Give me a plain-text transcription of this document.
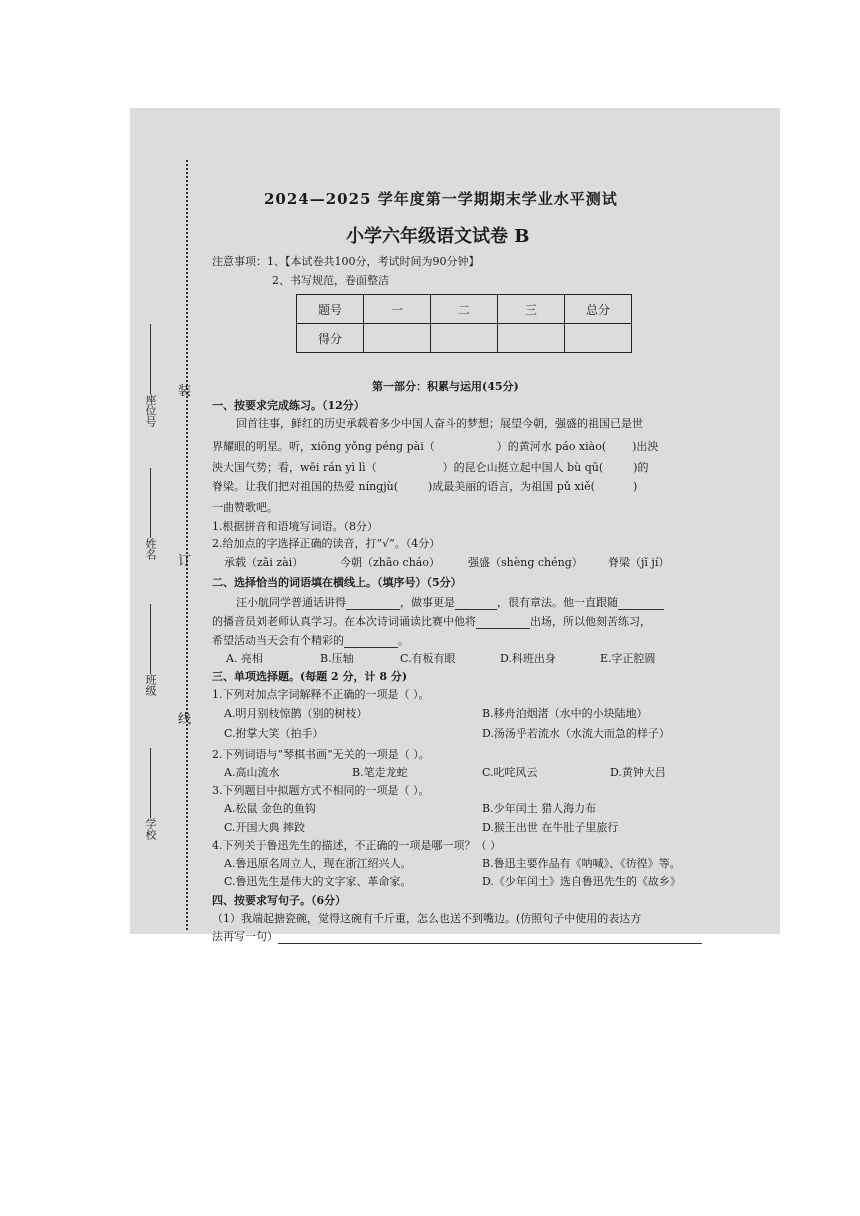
装
订
线
座位号
姓名
班级
学校
2024—2025 学年度第一学期期末学业水平测试
小学六年级语文试卷 B
注意事项：1、【本试卷共100分，考试时间为90分钟】
2、书写规范，卷面整洁
题号	一	二	三	总分
得分				
第一部分：积累与运用(45分)
一、按要求完成练习。（12分）
回首往事，鲜红的历史承载着多少中国人奋斗的梦想；展望今朝，强盛的祖国已是世
界耀眼的明星。听，xiōng yǒng péng pài（	）的黄河水 páo xiào( )出泱
泱大国气势；看，wēi rán yì lì（	）的昆仑山挺立起中国人 bù qū(	)的
脊梁。让我们把对祖国的热爱 níngjù(	)成最美丽的语言，为祖国 pǔ xiě(	)
一曲赞歌吧。
1.根据拼音和语境写词语。（8分）
2.给加点的字选择正确的读音，打“√”。（4分）
承载（zǎi zài）	今朝（zhāo cháo）	强盛（shèng chéng） 脊梁（jǐ jí）
二、选择恰当的词语填在横线上。（填序号）（5分）
汪小航同学普通话讲得	，做事更是	，很有章法。他一直跟随
的播音员刘老师认真学习。在本次诗词诵读比赛中他将	出场，所以他刻苦练习，
希望活动当天会有个精彩的	。
A. 亮相	B.压轴	C.有板有眼	D.科班出身	E.字正腔圆
三、单项选择题。(每题 2 分，计 8 分)
1.下列对加点字词解释不正确的一项是（ ）。
A.明月别枝惊鹊（别的树枝）	B.移舟泊烟渚（水中的小块陆地）
C.拊掌大笑（拍手）	D.汤汤乎若流水（水流大而急的样子）
2.下列词语与“琴棋书画”无关的一项是（ ）。
A.高山流水	B.笔走龙蛇	C.叱咤风云	D.黄钟大吕
3.下列题目中拟题方式不相同的一项是（ ）。
A.松鼠 金色的鱼钩	B.少年闰土 猎人海力布
C.开国大典 摔跤	D.猴王出世 在牛肚子里旅行
4.下列关于鲁迅先生的描述，不正确的一项是哪一项？（ ）
A.鲁迅原名周立人，现在浙江绍兴人。	B.鲁迅主要作品有《呐喊》、《彷徨》等。
C.鲁迅先生是伟大的文字家、革命家。	D.《少年闰土》选自鲁迅先生的《故乡》
四、按要求写句子。（6分）
（1）我端起搪瓷碗，觉得这碗有千斤重，怎么也送不到嘴边。(仿照句子中使用的表达方
法再写一句）
